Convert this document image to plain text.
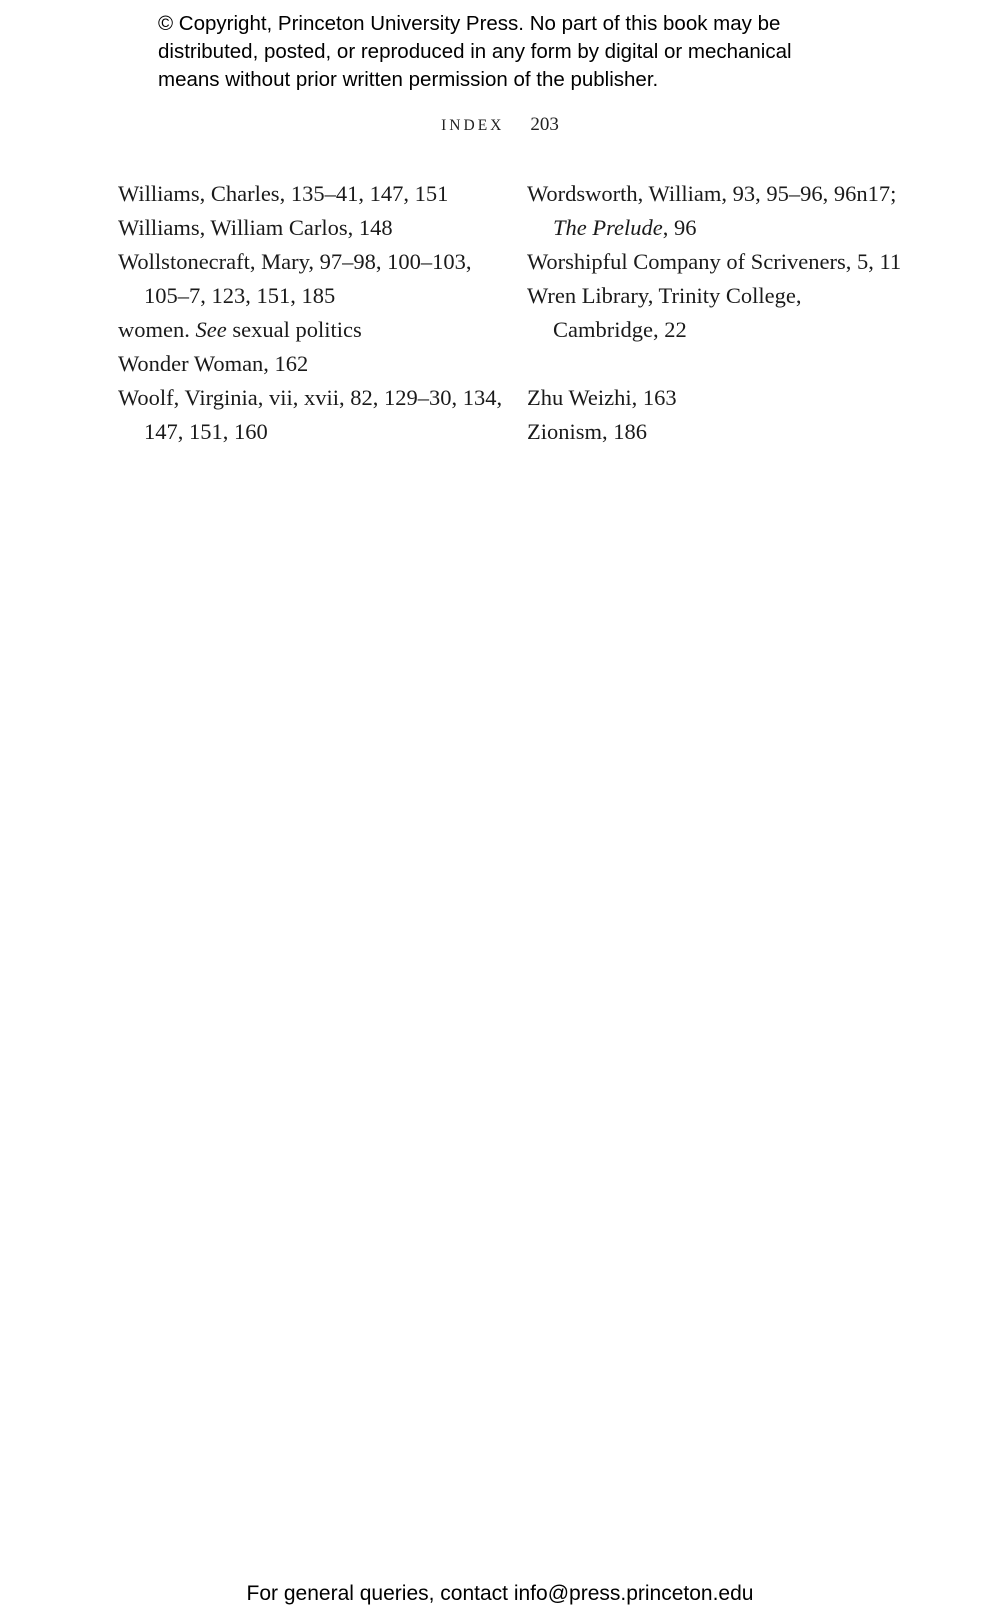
© Copyright, Princeton University Press. No part of this book may be
distributed, posted, or reproduced in any form by digital or mechanical
means without prior written permission of the publisher.
INDEX 203

Williams, Charles, 135–41, 147, 151

Williams, William Carlos, 148

Wollstonecraft, Mary, 97–98, 100–103, 105–7, 123, 151, 185

women. See sexual politics

Wonder Woman, 162

Woolf, Virginia, vii, xvii, 82, 129–30, 134, 147, 151, 160

Wordsworth, William, 93, 95–96, 96n17; The Prelude, 96

Worshipful Company of Scriveners, 5, 11

Wren Library, Trinity College, Cambridge, 22

Zhu Weizhi, 163

Zionism, 186

For general queries, contact info@press.princeton.edu
